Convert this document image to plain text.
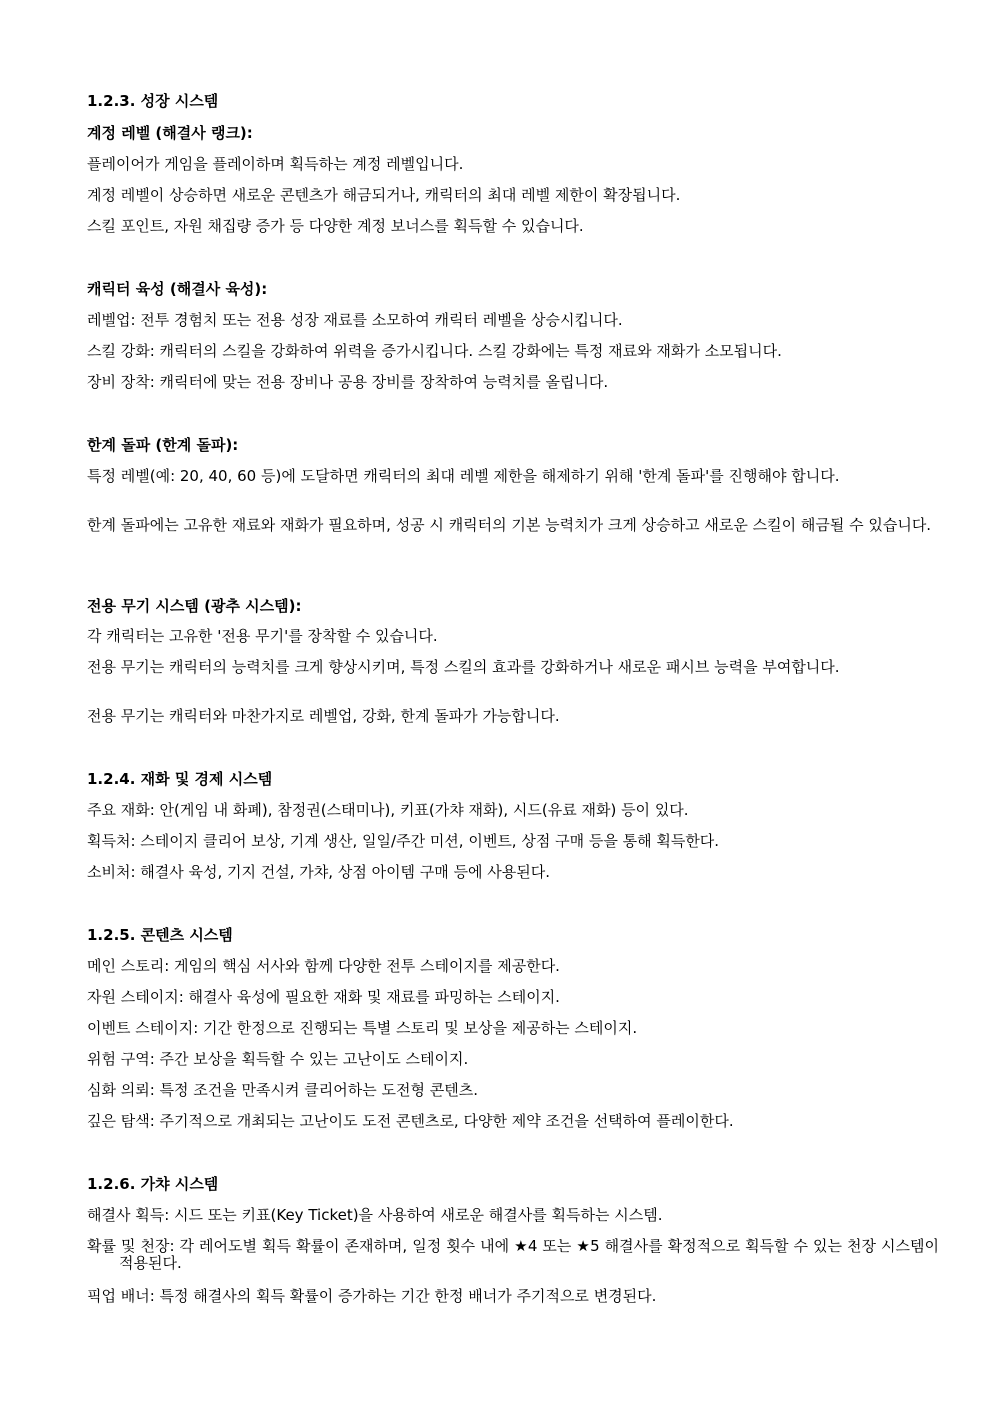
1.2.3. 성장 시스템
계정 레벨 (해결사 랭크):
플레이어가 게임을 플레이하며 획득하는 계정 레벨입니다.
계정 레벨이 상승하면 새로운 콘텐츠가 해금되거나, 캐릭터의 최대 레벨 제한이 확장됩니다.
스킬 포인트, 자원 채집량 증가 등 다양한 계정 보너스를 획득할 수 있습니다.
캐릭터 육성 (해결사 육성):
레벨업: 전투 경험치 또는 전용 성장 재료를 소모하여 캐릭터 레벨을 상승시킵니다.
스킬 강화: 캐릭터의 스킬을 강화하여 위력을 증가시킵니다. 스킬 강화에는 특정 재료와 재화가 소모됩니다.
장비 장착: 캐릭터에 맞는 전용 장비나 공용 장비를 장착하여 능력치를 올립니다.
한계 돌파 (한계 돌파):
특정 레벨(예: 20, 40, 60 등)에 도달하면 캐릭터의 최대 레벨 제한을 해제하기 위해 '한계 돌파'를 진행해야 합니다.
한계 돌파에는 고유한 재료와 재화가 필요하며, 성공 시 캐릭터의 기본 능력치가 크게 상승하고 새로운 스킬이 해금될 수 있습니다.
전용 무기 시스템 (광추 시스템):
각 캐릭터는 고유한 '전용 무기'를 장착할 수 있습니다.
전용 무기는 캐릭터의 능력치를 크게 향상시키며, 특정 스킬의 효과를 강화하거나 새로운 패시브 능력을 부여합니다.
전용 무기는 캐릭터와 마찬가지로 레벨업, 강화, 한계 돌파가 가능합니다.
1.2.4. 재화 및 경제 시스템
주요 재화: 안(게임 내 화폐), 참정권(스태미나), 키표(가챠 재화), 시드(유료 재화) 등이 있다.
획득처: 스테이지 클리어 보상, 기계 생산, 일일/주간 미션, 이벤트, 상점 구매 등을 통해 획득한다.
소비처: 해결사 육성, 기지 건설, 가챠, 상점 아이템 구매 등에 사용된다.
1.2.5. 콘텐츠 시스템
메인 스토리: 게임의 핵심 서사와 함께 다양한 전투 스테이지를 제공한다.
자원 스테이지: 해결사 육성에 필요한 재화 및 재료를 파밍하는 스테이지.
이벤트 스테이지: 기간 한정으로 진행되는 특별 스토리 및 보상을 제공하는 스테이지.
위험 구역: 주간 보상을 획득할 수 있는 고난이도 스테이지.
심화 의뢰: 특정 조건을 만족시켜 클리어하는 도전형 콘텐츠.
깊은 탐색: 주기적으로 개최되는 고난이도 도전 콘텐츠로, 다양한 제약 조건을 선택하여 플레이한다.
1.2.6. 가챠 시스템
해결사 획득: 시드 또는 키표(Key Ticket)을 사용하여 새로운 해결사를 획득하는 시스템.
확률 및 천장: 각 레어도별 획득 확률이 존재하며, 일정 횟수 내에 ★4 또는 ★5 해결사를 확정적으로 획득할 수 있는 천장 시스템이 적용된다.
픽업 배너: 특정 해결사의 획득 확률이 증가하는 기간 한정 배너가 주기적으로 변경된다.
